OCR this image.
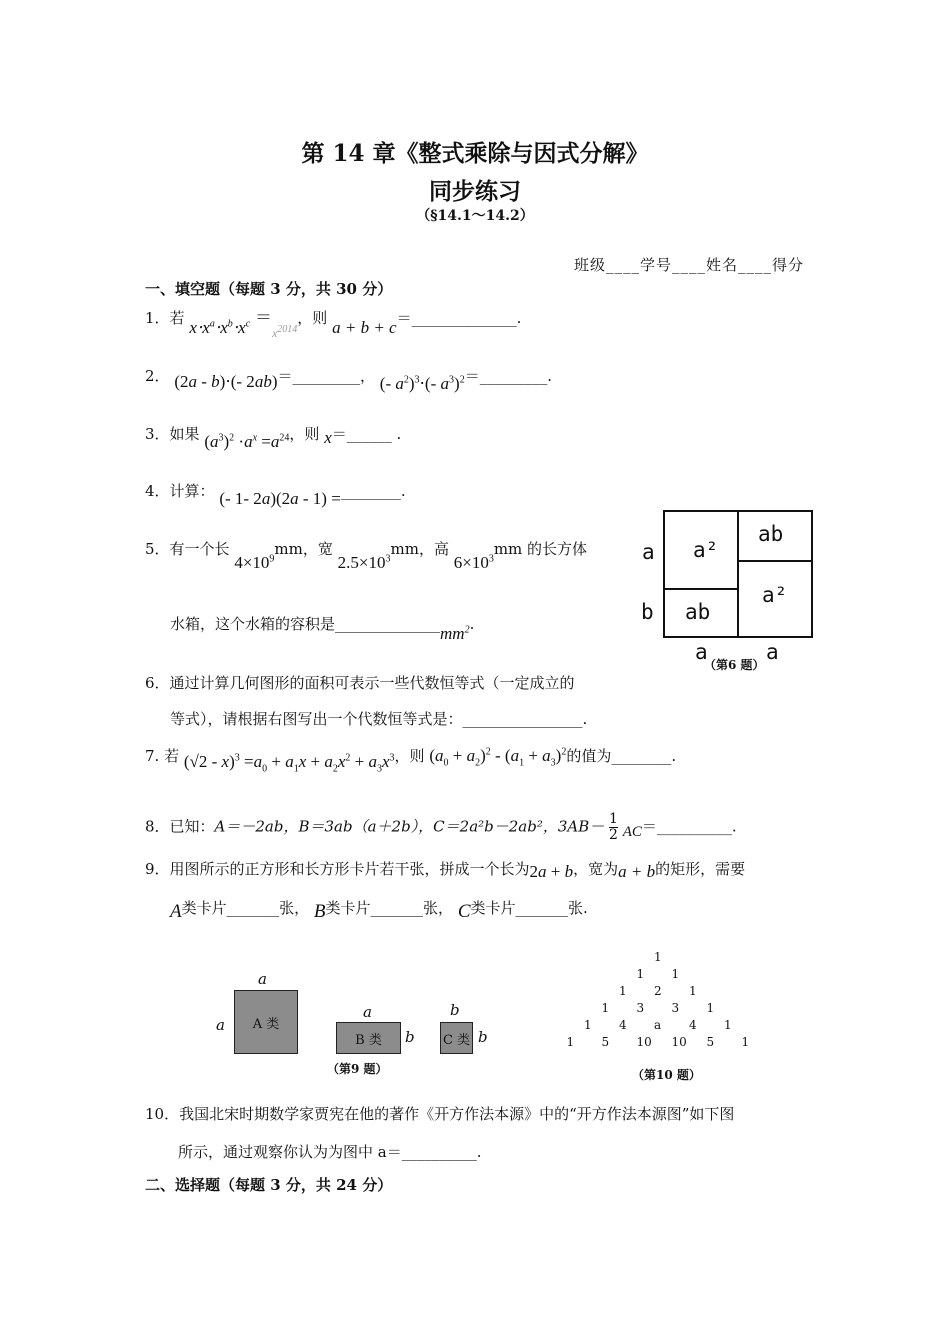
第 14 章《整式乘除与因式分解》
同步练习
（§14.1～14.2）
班级____学号____姓名____得分
一、填空题（每题 3 分，共 30 分）
1．若 $x\cdot x^a\cdot x^b\cdot x^c =_{x^{2014}}$，则 a + b + c＝______________.
2． (2a - b)⋅(- 2ab)＝_________， (- $a^2)^3\cdot(-$ $a^3)^2=\_\_\_\_\_\_\_\_\_$.
3．如果 $(a^3)^2 \cdot a^x =a^{24}$，则 x＝______ .
4．计算： (- 1- 2a)(2a - 1) =________.
5．有一个长 $4\times 10^9mm$，宽 $2.5\times 10^3mm$，高 $6\times 10^3mm$ 的长方体
水箱，这个水箱的容积是$\_\_\_\_\_\_\_\_\_\_\_\_\_\_mm^2$.
a²
ab
ab
a²
a
b
a	a
（第6 题）
6．通过计算几何图形的面积可表示一些代数恒等式（一定成立的
等式），请根据右图写出一个代数恒等式是：________________.
7. 若 $(√2 - x)^3 =a_0 + a_1x + a_2x^2 + a_3x^3$，则 $(a_0 + a_2)^2 - (a_1 + a_3)^2$的值为________.
8．已知：A＝－2ab，B＝3ab（a＋2b），C＝2a²b－2ab²，$3AB- \frac{1}{2}$ AC＝__________.
9．用图所示的正方形和长方形卡片若干张，拼成一个长为2a + b，宽为a + b的矩形，需要
A类卡片_______张， B类卡片_______张， C类卡片_______张.
a
a A 类
a
B 类 b
b
C 类 b
（第9 题）
1
1 1
1 2 1
1 3 3 1
1 4 a 4 1
1 5 10 10 5 1
（第10 题）
10．我国北宋时期数学家贾宪在他的著作《开方作法本源》中的“开方作法本源图”如下图
所示，通过观察你认为为图中 a＝__________.
二、选择题（每题 3 分，共 24 分）
